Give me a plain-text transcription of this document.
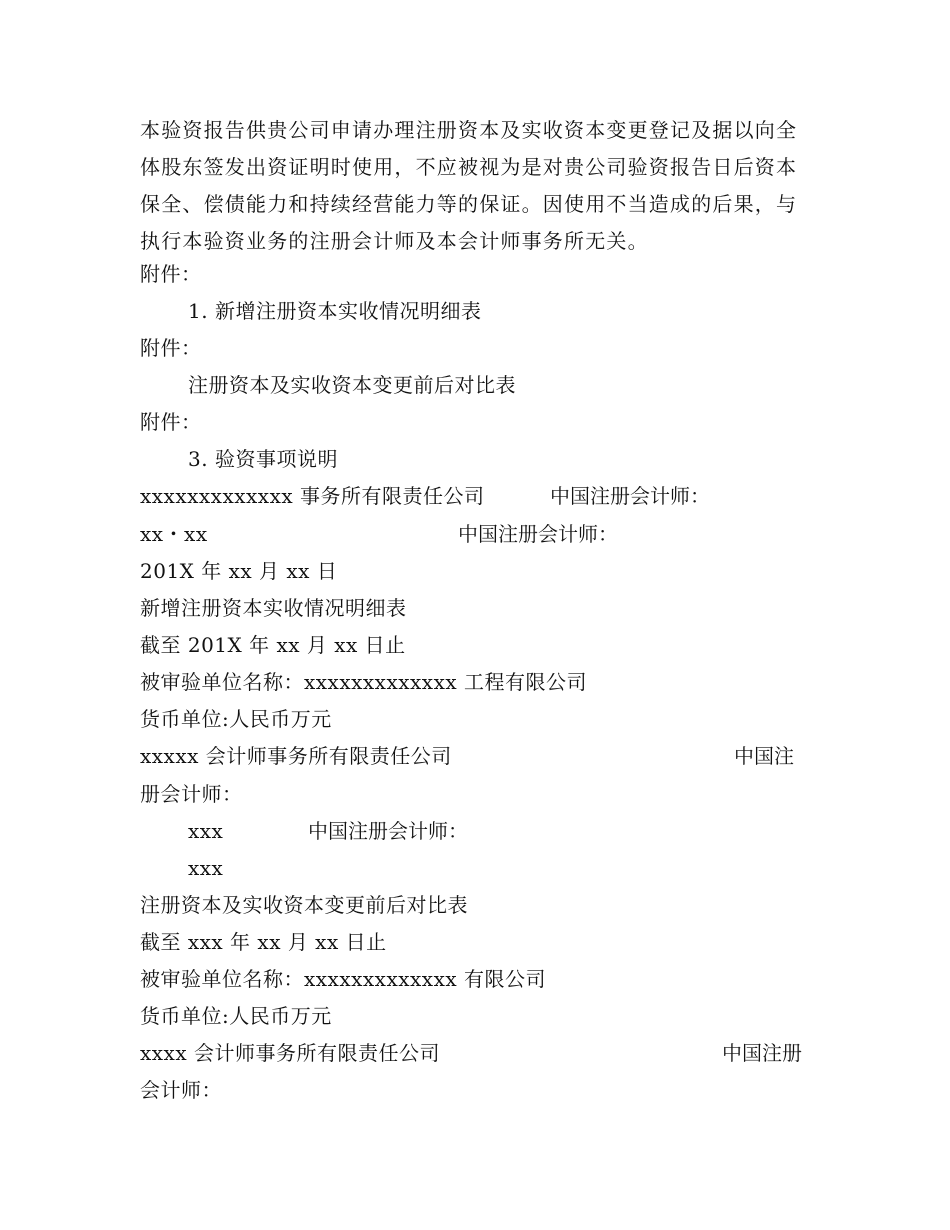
本验资报告供贵公司申请办理注册资本及实收资本变更登记及据以向全体股东签发出资证明时使用，不应被视为是对贵公司验资报告日后资本保全、偿债能力和持续经营能力等的保证。因使用不当造成的后果，与执行本验资业务的注册会计师及本会计师事务所无关。
附件：
1. 新增注册资本实收情况明细表
附件：
注册资本及实收资本变更前后对比表
附件：
3. 验资事项说明
xxxxxxxxxxxxx 事务所有限责任公司	中国注册会计师：
xx・xx	中国注册会计师：
201X 年 xx 月 xx 日
新增注册资本实收情况明细表
截至 201X 年 xx 月 xx 日止
被审验单位名称：xxxxxxxxxxxxx 工程有限公司
货币单位:人民币万元
xxxxx 会计师事务所有限责任公司	中国注
册会计师：
xxx	中国注册会计师：
xxx
注册资本及实收资本变更前后对比表
截至 xxx 年 xx 月 xx 日止
被审验单位名称：xxxxxxxxxxxxx 有限公司
货币单位:人民币万元
xxxx 会计师事务所有限责任公司	中国注册
会计师：
